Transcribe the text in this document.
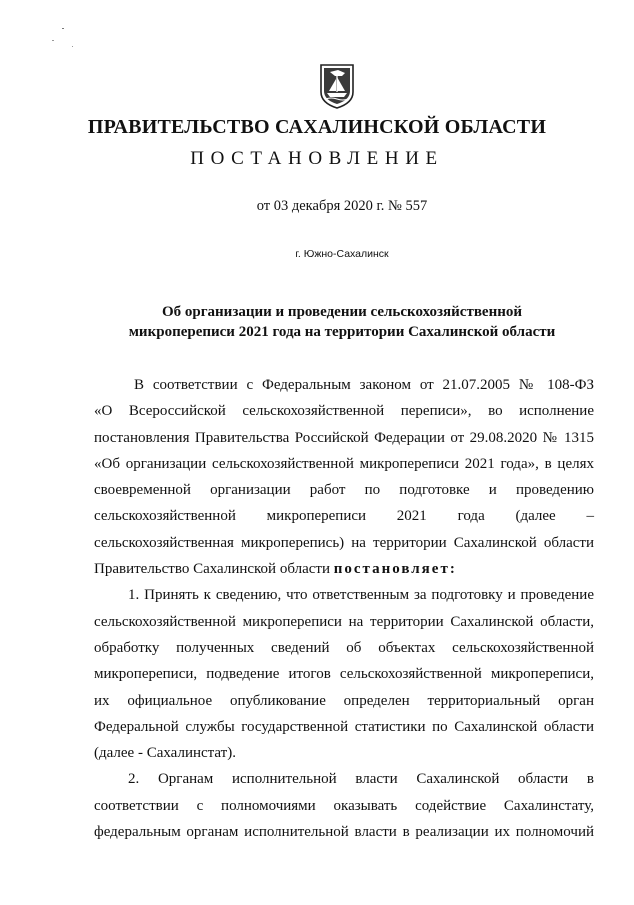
ПРАВИТЕЛЬСТВО САХАЛИНСКОЙ ОБЛАСТИ
ПОСТАНОВЛЕНИЕ
от 03 декабря 2020 г. № 557
г. Южно-Сахалинск
Об организации и проведении сельскохозяйственной
микропереписи 2021 года на территории Сахалинской области
В соответствии с Федеральным законом от 21.07.2005 № 108-ФЗ
«О Всероссийской сельскохозяйственной переписи», во исполнение
постановления Правительства Российской Федерации от 29.08.2020 № 1315
«Об организации сельскохозяйственной микропереписи 2021 года», в целях
своевременной организации работ по подготовке и проведению
сельскохозяйственной микропереписи 2021 года (далее –
сельскохозяйственная микроперепись) на территории Сахалинской области
Правительство Сахалинской области постановляет:
1. Принять к сведению, что ответственным за подготовку и проведение
сельскохозяйственной микропереписи на территории Сахалинской области,
обработку полученных сведений об объектах сельскохозяйственной
микропереписи, подведение итогов сельскохозяйственной микропереписи,
их официальное опубликование определен территориальный орган
Федеральной службы государственной статистики по Сахалинской области
(далее - Сахалинстат).
2. Органам исполнительной власти Сахалинской области в
соответствии с полномочиями оказывать содействие Сахалинстату,
федеральным органам исполнительной власти в реализации их полномочий
